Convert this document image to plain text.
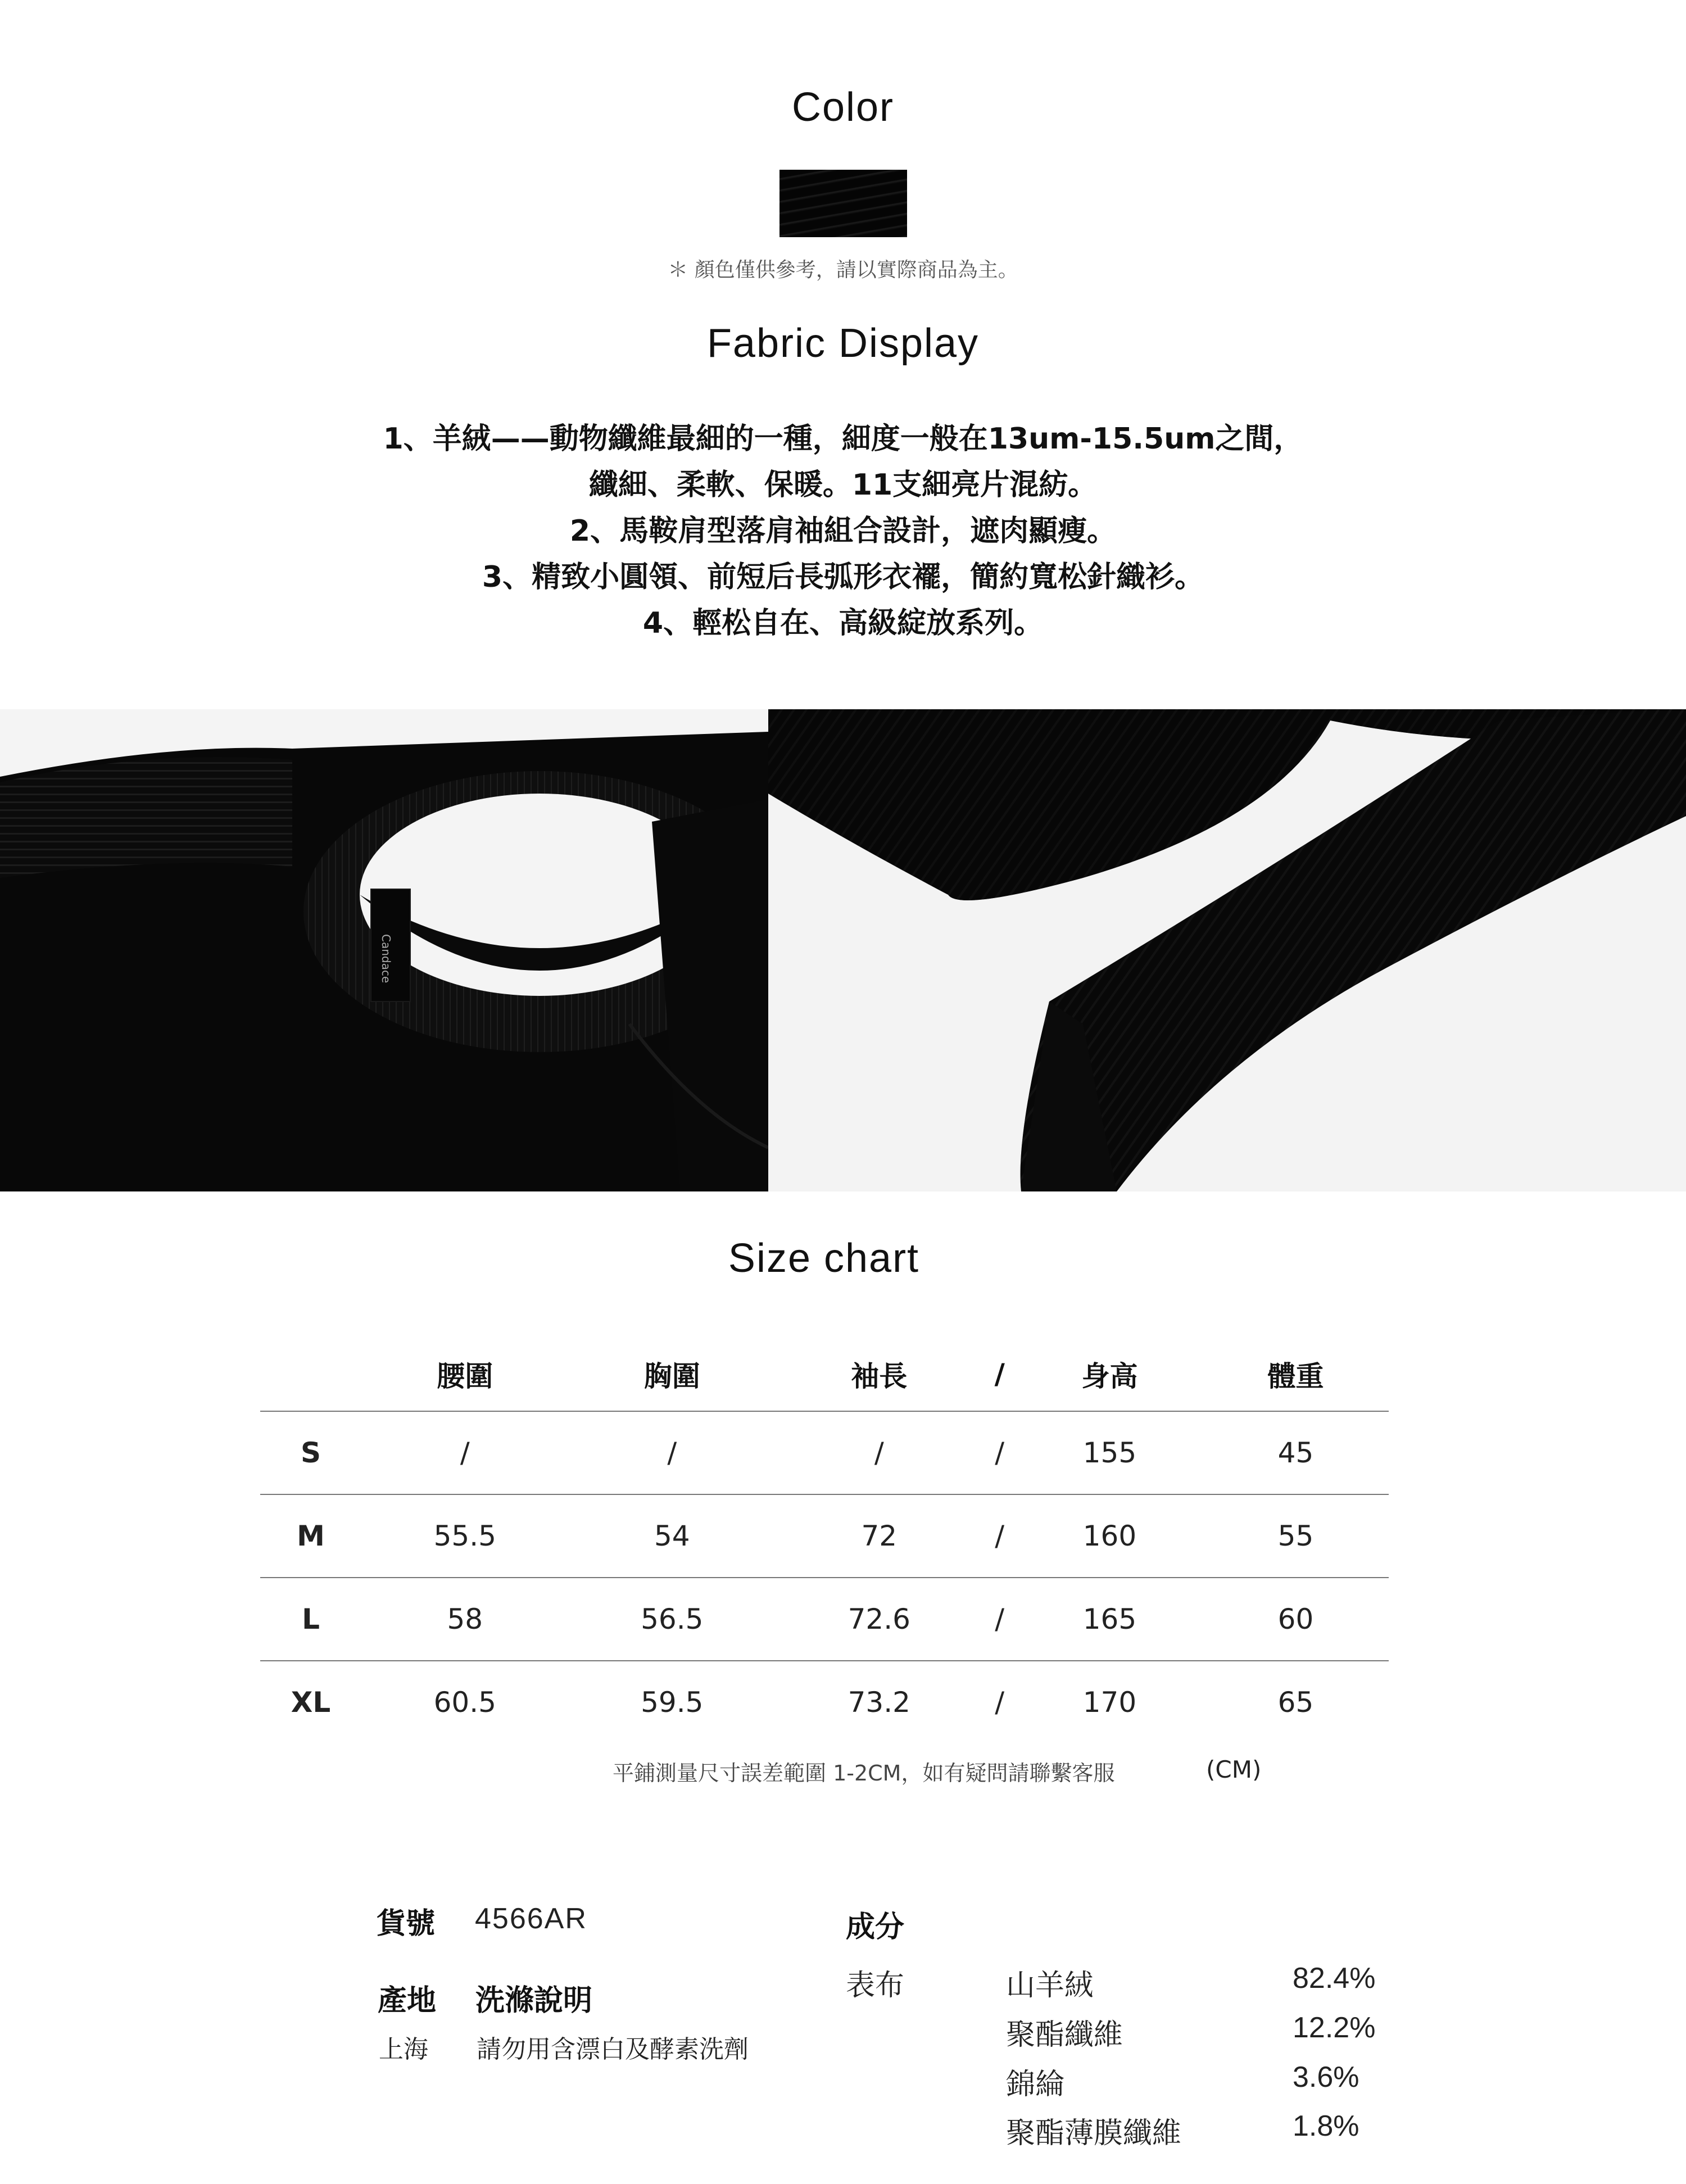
Color
＊ 顏色僅供參考，請以實際商品為主。
Fabric Display
1、羊絨——動物纖維最細的一種，細度一般在13um-15.5um之間，
纖細、柔軟、保暖。11支細亮片混紡。
2、馬鞍肩型落肩袖組合設計，遮肉顯瘦。
3、精致小圓領、前短后長弧形衣襬，簡約寬松針織衫。
4、輕松自在、高級綻放系列。
Candace
Size chart
	腰圍	胸圍	袖長	/	身高	體重
S	/	/	/	/	155	45
M	55.5	54	72	/	160	55
L	58	56.5	72.6	/	165	60
XL	60.5	59.5	73.2	/	170	65
平鋪測量尺寸誤差範圍 1-2CM，如有疑問請聯繫客服	(CM)
貨號 4566AR
產地
上海
洗滌說明
請勿用含漂白及酵素洗劑
成分
表布	山羊絨	82.4%
聚酯纖維	12.2%
錦綸	3.6%
聚酯薄膜纖維	1.8%
